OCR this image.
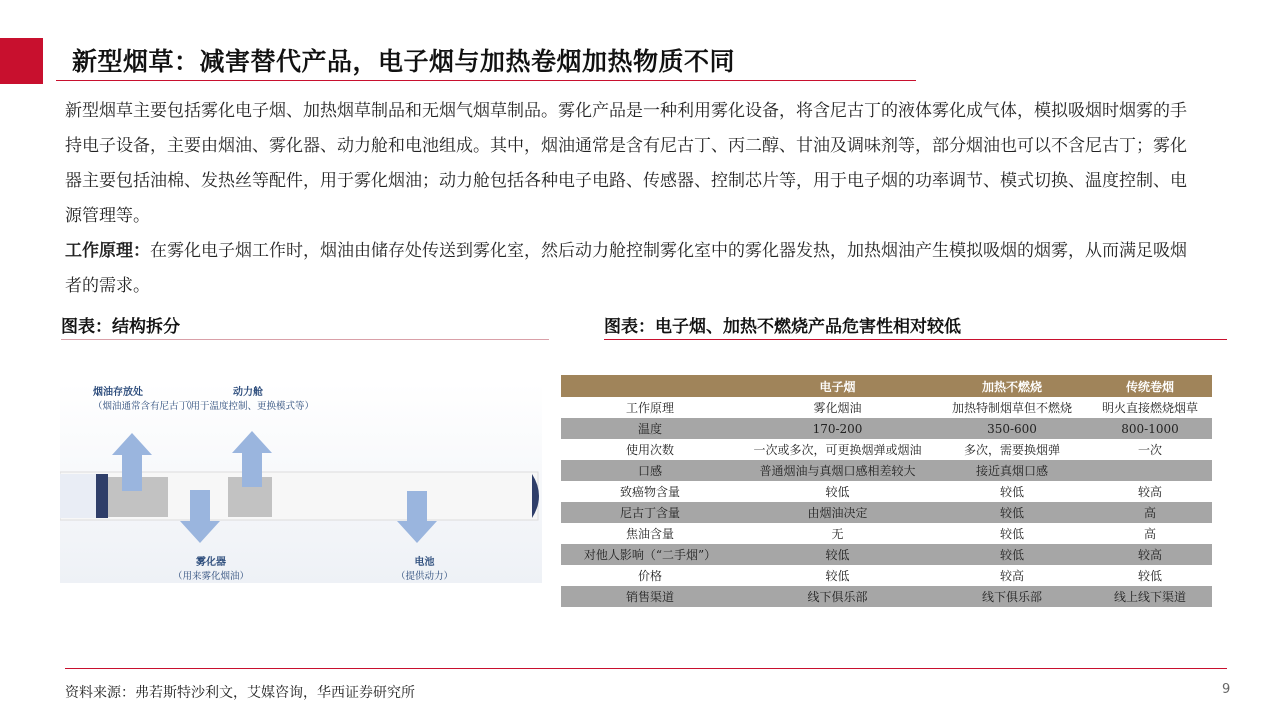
新型烟草：减害替代产品，电子烟与加热卷烟加热物质不同

新型烟草主要包括雾化电子烟、加热烟草制品和无烟气烟草制品。雾化产品是一种利用雾化设备，将含尼古丁的液体雾化成气体，模拟吸烟时烟雾的手持电子设备，主要由烟油、雾化器、动力舱和电池组成。其中，烟油通常是含有尼古丁、丙二醇、甘油及调味剂等，部分烟油也可以不含尼古丁；雾化器主要包括油棉、发热丝等配件，用于雾化烟油；动力舱包括各种电子电路、传感器、控制芯片等，用于电子烟的功率调节、模式切换、温度控制、电源管理等。

工作原理：在雾化电子烟工作时，烟油由储存处传送到雾化室，然后动力舱控制雾化室中的雾化器发热，加热烟油产生模拟吸烟的烟雾，从而满足吸烟者的需求。

图表：结构拆分	图表：电子烟、加热不燃烧产品危害性相对较低
烟油存放处
（烟油通常含有尼古丁）
动力舱
（用于温度控制、更换模式等）
雾化器
（用来雾化烟油）
电池
（提供动力）
	电子烟	加热不燃烧	传统卷烟
工作原理	雾化烟油	加热特制烟草但不燃烧	明火直接燃烧烟草
温度	170-200	350-600	800-1000
使用次数	一次或多次，可更换烟弹或烟油	多次，需要换烟弹	一次
口感	普通烟油与真烟口感相差较大	接近真烟口感	
致癌物含量	较低	较低	较高
尼古丁含量	由烟油决定	较低	高
焦油含量	无	较低	高
对他人影响（“二手烟”）	较低	较低	较高
价格	较低	较高	较低
销售渠道	线下俱乐部	线下俱乐部	线上线下渠道
资料来源：弗若斯特沙利文，艾媒咨询，华西证券研究所	9
